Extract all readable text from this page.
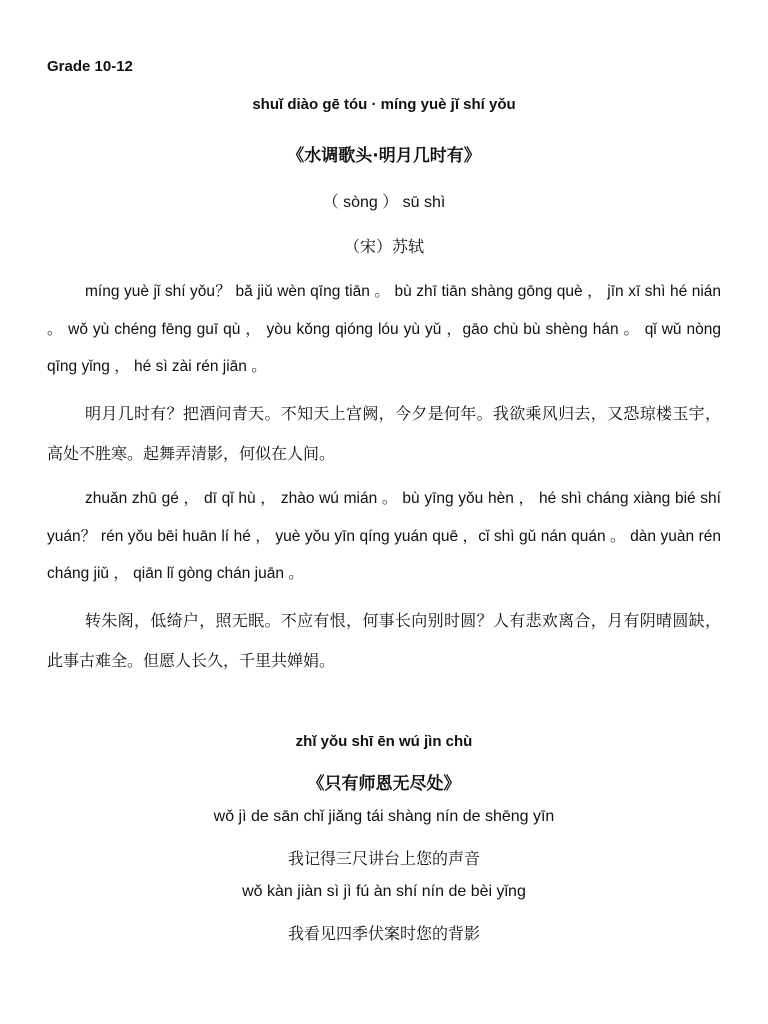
Grade 10-12
shuǐ diào gē tóu · míng yuè jǐ shí yǒu
《水调歌头·明月几时有》
（ sòng ） sū shì
（宋）苏轼
míng yuè jǐ shí yǒu？ bǎ jiǔ wèn qīng tiān 。 bù zhī tiān shàng gōng què ， jīn xī shì hé nián 。 wǒ yù chéng fēng guī qù ， yòu kǒng qióng lóu yù yǔ ，gāo chù bù shèng hán 。 qǐ wǔ nòng qīng yǐng ， hé sì zài rén jiān 。
明月几时有？把酒问青天。不知天上宫阙，今夕是何年。我欲乘风归去，又恐琼楼玉宇，高处不胜寒。起舞弄清影，何似在人间。
zhuǎn zhū gé ， dī qǐ hù ， zhào wú mián 。 bù yīng yǒu hèn ， hé shì cháng xiàng bié shí yuán？ rén yǒu bēi huān lí hé ， yuè yǒu yīn qíng yuán quē ，cǐ shì gǔ nán quán 。 dàn yuàn rén cháng jiǔ ， qiān lǐ gòng chán juān 。
转朱阁，低绮户，照无眠。不应有恨，何事长向别时圆？人有悲欢离合，月有阴晴圆缺，此事古难全。但愿人长久，千里共婵娟。
zhǐ yǒu shī ēn wú jìn chù
《只有师恩无尽处》
wǒ jì de sān chǐ jiǎng tái shàng nín de shēng yīn
我记得三尺讲台上您的声音
wǒ kàn jiàn sì jì fú àn shí nín de bèi yǐng
我看见四季伏案时您的背影
